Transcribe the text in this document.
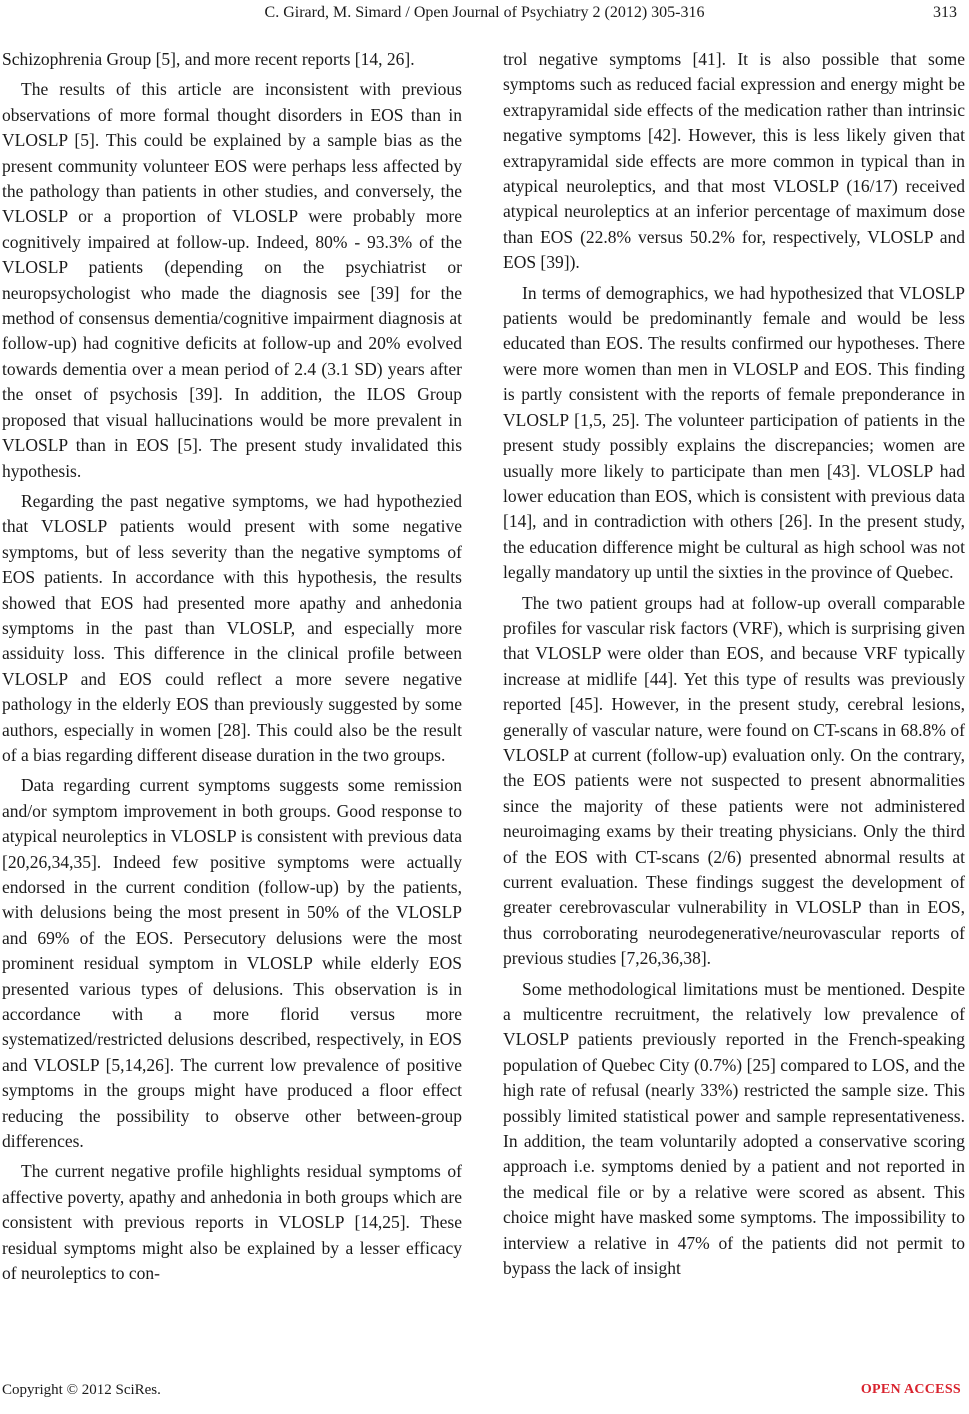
C. Girard, M. Simard / Open Journal of Psychiatry 2 (2012) 305-316	313

Schizophrenia Group [5], and more recent reports [14, 26].

The results of this article are inconsistent with previous observations of more formal thought disorders in EOS than in VLOSLP [5]. This could be explained by a sample bias as the present community volunteer EOS were perhaps less affected by the pathology than patients in other studies, and conversely, the VLOSLP or a proportion of VLOSLP were probably more cognitively impaired at follow-up. Indeed, 80% - 93.3% of the VLOSLP patients (depending on the psychiatrist or neuropsychologist who made the diagnosis see [39] for the method of consensus dementia/cognitive impairment diagnosis at follow-up) had cognitive deficits at follow-up and 20% evolved towards dementia over a mean period of 2.4 (3.1 SD) years after the onset of psychosis [39]. In addition, the ILOS Group proposed that visual hallucinations would be more prevalent in VLOSLP than in EOS [5]. The present study invalidated this hypothesis.

Regarding the past negative symptoms, we had hypothezied that VLOSLP patients would present with some negative symptoms, but of less severity than the negative symptoms of EOS patients. In accordance with this hypothesis, the results showed that EOS had presented more apathy and anhedonia symptoms in the past than VLOSLP, and especially more assiduity loss. This difference in the clinical profile between VLOSLP and EOS could reflect a more severe negative pathology in the elderly EOS than previously suggested by some authors, especially in women [28]. This could also be the result of a bias regarding different disease duration in the two groups.

Data regarding current symptoms suggests some remission and/or symptom improvement in both groups. Good response to atypical neuroleptics in VLOSLP is consistent with previous data [20,26,34,35]. Indeed few positive symptoms were actually endorsed in the current condition (follow-up) by the patients, with delusions being the most present in 50% of the VLOSLP and 69% of the EOS. Persecutory delusions were the most prominent residual symptom in VLOSLP while elderly EOS presented various types of delusions. This observation is in accordance with a more florid versus more systematized/restricted delusions described, respectively, in EOS and VLOSLP [5,14,26]. The current low prevalence of positive symptoms in the groups might have produced a floor effect reducing the possibility to observe other between-group differences.

The current negative profile highlights residual symptoms of affective poverty, apathy and anhedonia in both groups which are consistent with previous reports in VLOSLP [14,25]. These residual symptoms might also be explained by a lesser efficacy of neuroleptics to con-

trol negative symptoms [41]. It is also possible that some symptoms such as reduced facial expression and energy might be extrapyramidal side effects of the medication rather than intrinsic negative symptoms [42]. However, this is less likely given that extrapyramidal side effects are more common in typical than in atypical neuroleptics, and that most VLOSLP (16/17) received atypical neuroleptics at an inferior percentage of maximum dose than EOS (22.8% versus 50.2% for, respectively, VLOSLP and EOS [39]).

In terms of demographics, we had hypothesized that VLOSLP patients would be predominantly female and would be less educated than EOS. The results confirmed our hypotheses. There were more women than men in VLOSLP and EOS. This finding is partly consistent with the reports of female preponderance in VLOSLP [1,5, 25]. The volunteer participation of patients in the present study possibly explains the discrepancies; women are usually more likely to participate than men [43]. VLOSLP had lower education than EOS, which is consistent with previous data [14], and in contradiction with others [26]. In the present study, the education difference might be cultural as high school was not legally mandatory up until the sixties in the province of Quebec.

The two patient groups had at follow-up overall comparable profiles for vascular risk factors (VRF), which is surprising given that VLOSLP were older than EOS, and because VRF typically increase at midlife [44]. Yet this type of results was previously reported [45]. However, in the present study, cerebral lesions, generally of vascular nature, were found on CT-scans in 68.8% of VLOSLP at current (follow-up) evaluation only. On the contrary, the EOS patients were not suspected to present abnormalities since the majority of these patients were not administered neuroimaging exams by their treating physicians. Only the third of the EOS with CT-scans (2/6) presented abnormal results at current evaluation. These findings suggest the development of greater cerebrovascular vulnerability in VLOSLP than in EOS, thus corroborating neurodegenerative/neurovascular reports of previous studies [7,26,36,38].

Some methodological limitations must be mentioned. Despite a multicentre recruitment, the relatively low prevalence of VLOSLP patients previously reported in the French-speaking population of Quebec City (0.7%) [25] compared to LOS, and the high rate of refusal (nearly 33%) restricted the sample size. This possibly limited statistical power and sample representativeness. In addition, the team voluntarily adopted a conservative scoring approach i.e. symptoms denied by a patient and not reported in the medical file or by a relative were scored as absent. This choice might have masked some symptoms. The impossibility to interview a relative in 47% of the patients did not permit to bypass the lack of insight

Copyright © 2012 SciRes.	OPEN ACCESS
